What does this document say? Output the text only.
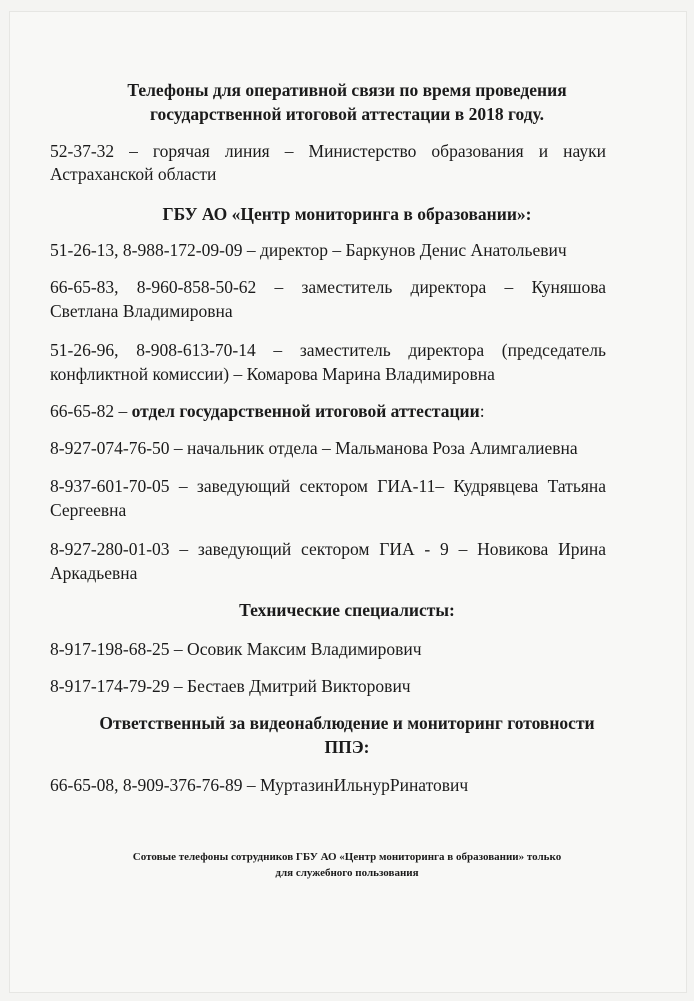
Телефоны для оперативной связи по время проведения
государственной итоговой аттестации в 2018 году.
52-37-32 – горячая линия – Министерство образования и науки
Астраханской области
ГБУ АО «Центр мониторинга в образовании»:
51-26-13, 8-988-172-09-09 – директор – Баркунов Денис Анатольевич
66-65-83, 8-960-858-50-62 – заместитель директора – Куняшова
Светлана Владимировна
51-26-96, 8-908-613-70-14 – заместитель директора (председатель
конфликтной комиссии) – Комарова Марина Владимировна
66-65-82 – отдел государственной итоговой аттестации:
8-927-074-76-50 – начальник отдела – Мальманова Роза Алимгалиевна
8-937-601-70-05 – заведующий сектором ГИА-11– Кудрявцева Татьяна
Сергеевна
8-927-280-01-03 – заведующий сектором ГИА - 9 – Новикова Ирина
Аркадьевна
Технические специалисты:
8-917-198-68-25 – Осовик Максим Владимирович
8-917-174-79-29 – Бестаев Дмитрий Викторович
Ответственный за видеонаблюдение и мониторинг готовности
ППЭ:
66-65-08, 8-909-376-76-89 – МуртазинИльнурРинатович
Сотовые телефоны сотрудников ГБУ АО «Центр мониторинга в образовании» только
для служебного пользования
